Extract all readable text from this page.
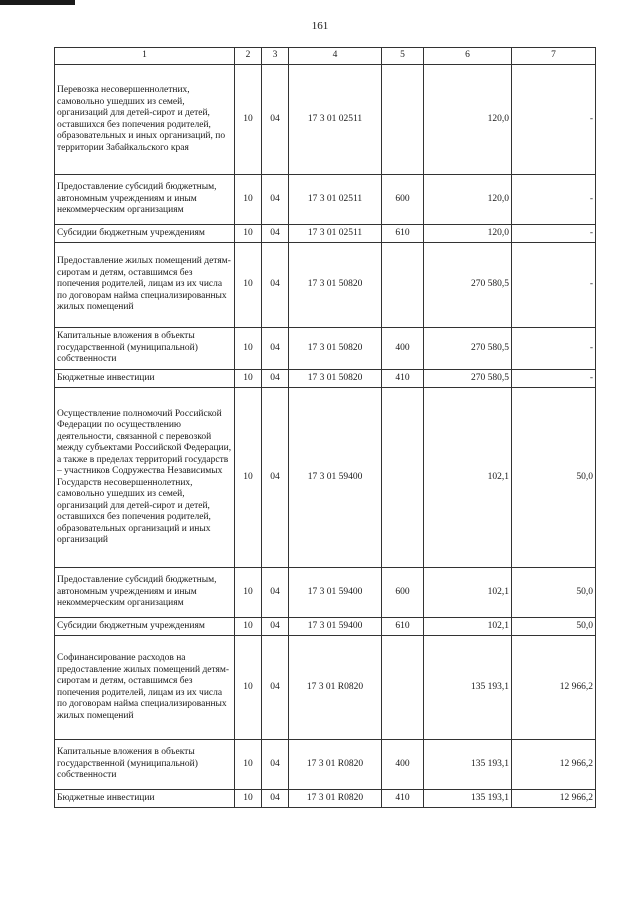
161
1	2	3	4	5	6	7
Перевозка несовершеннолетних, самовольно ушедших из семей, организаций для детей-сирот и детей, оставшихся без попечения родителей, образовательных и иных организаций, по территории Забайкальского края	10	04	17 3 01 02511		120,0	-
Предоставление субсидий бюджетным, автономным учреждениям и иным некоммерческим организациям	10	04	17 3 01 02511	600	120,0	-
Субсидии бюджетным учреждениям	10	04	17 3 01 02511	610	120,0	-
Предоставление жилых помещений детям-сиротам и детям, оставшимся без попечения родителей, лицам из их числа по договорам найма специализированных жилых помещений	10	04	17 3 01 50820		270 580,5	-
Капитальные вложения в объекты государственной (муниципальной) собственности	10	04	17 3 01 50820	400	270 580,5	-
Бюджетные инвестиции	10	04	17 3 01 50820	410	270 580,5	-
Осуществление полномочий Российской Федерации по осуществлению деятельности, связанной с перевозкой между субъектами Российской Федерации, а также в пределах территорий государств – участников Содружества Независимых Государств несовершеннолетних, самовольно ушедших из семей, организаций для детей-сирот и детей, оставшихся без попечения родителей, образовательных организаций и иных организаций	10	04	17 3 01 59400		102,1	50,0
Предоставление субсидий бюджетным, автономным учреждениям и иным некоммерческим организациям	10	04	17 3 01 59400	600	102,1	50,0
Субсидии бюджетным учреждениям	10	04	17 3 01 59400	610	102,1	50,0
Софинансирование расходов на предоставление жилых помещений детям-сиротам и детям, оставшимся без попечения родителей, лицам из их числа по договорам найма специализированных жилых помещений	10	04	17 3 01 R0820		135 193,1	12 966,2
Капитальные вложения в объекты государственной (муниципальной) собственности	10	04	17 3 01 R0820	400	135 193,1	12 966,2
Бюджетные инвестиции	10	04	17 3 01 R0820	410	135 193,1	12 966,2
